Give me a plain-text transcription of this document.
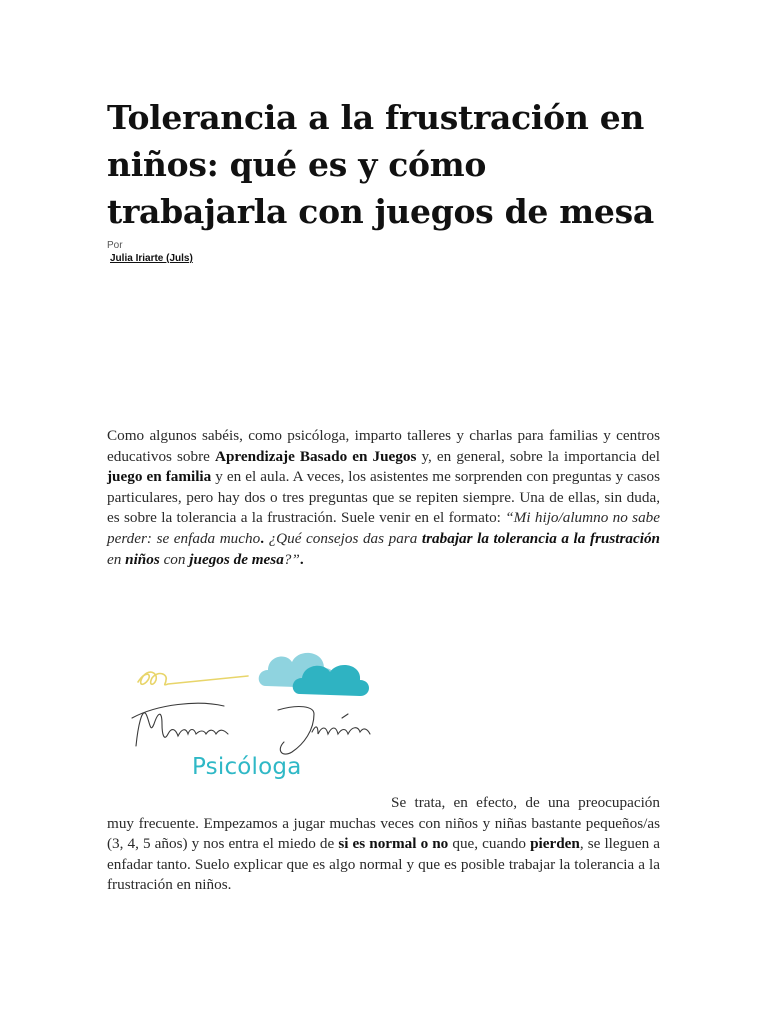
Tolerancia a la frustración en niños: qué es y cómo trabajarla con juegos de mesa
Por
Julia Iriarte (Juls)

Como algunos sabéis, como psicóloga, imparto talleres y charlas para familias y centros educativos sobre Aprendizaje Basado en Juegos y, en general, sobre la importancia del juego en familia y en el aula. A veces, los asistentes me sorprenden con preguntas y casos particulares, pero hay dos o tres preguntas que se repiten siempre. Una de ellas, sin duda, es sobre la tolerancia a la frustración. Suele venir en el formato: “Mi hijo/alumno no sabe perder: se enfada mucho. ¿Qué consejos das para trabajar la tolerancia a la frustración en niños con juegos de mesa?”.

Se trata, en efecto, de una preocupación muy frecuente. Empezamos a jugar muchas veces con niños y niñas bastante pequeños/as (3, 4, 5 años) y nos entra el miedo de si es normal o no que, cuando pierden, se lleguen a enfadar tanto. Suelo explicar que es algo normal y que es posible trabajar la tolerancia a la frustración en niños.

Psicóloga
